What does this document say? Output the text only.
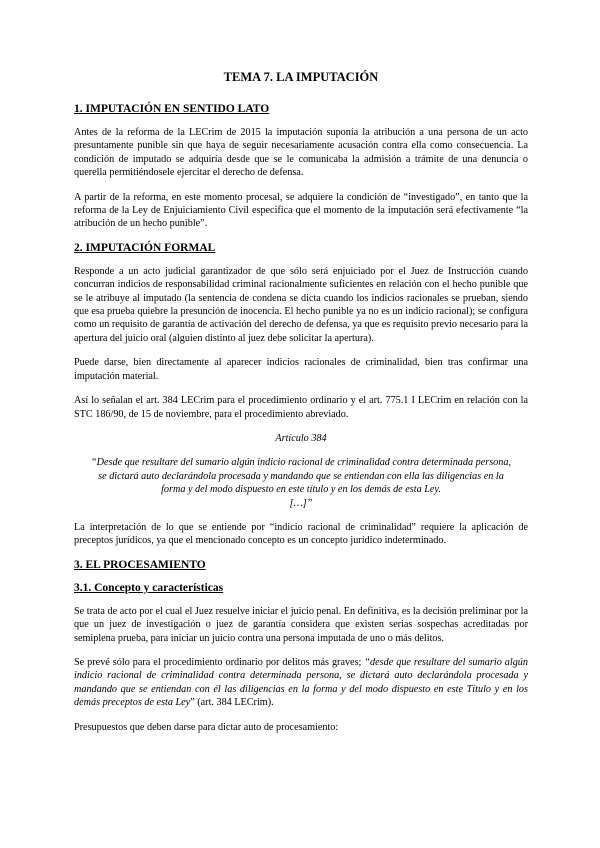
TEMA 7. LA IMPUTACIÓN
1. IMPUTACIÓN EN SENTIDO LATO

Antes de la reforma de la LECrim de 2015 la imputación suponía la atribución a una persona de un acto presuntamente punible sin que haya de seguir necesariamente acusación contra ella como consecuencia. La condición de imputado se adquiría desde que se le comunicaba la admisión a trámite de una denuncia o querella permitiéndosele ejercitar el derecho de defensa.

A partir de la reforma, en este momento procesal, se adquiere la condición de “investigado”, en tanto que la reforma de la Ley de Enjuiciamiento Civil especifica que el momento de la imputación será efectivamente “la atribución de un hecho punible”.

2. IMPUTACIÓN FORMAL

Responde a un acto judicial garantizador de que sólo será enjuiciado por el Juez de Instrucción cuando concurran indicios de responsabilidad criminal racionalmente suficientes en relación con el hecho punible que se le atribuye al imputado (la sentencia de condena se dicta cuando los indicios racionales se prueban, siendo que esa prueba quiebre la presunción de inocencia. El hecho punible ya no es un indicio racional); se configura como un requisito de garantía de activación del derecho de defensa, ya que es requisito previo necesario para la apertura del juicio oral (alguien distinto al juez debe solicitar la apertura).

Puede darse, bien directamente al aparecer indicios racionales de criminalidad, bien tras confirmar una imputación material.

Así lo señalan el art. 384 LECrim para el procedimiento ordinario y el art. 775.1 I LECrim en relación con la STC 186/90, de 15 de noviembre, para el procedimiento abreviado.

Artículo 384

“Desde que resultare del sumario algún indicio racional de criminalidad contra determinada persona, se dictará auto declarándola procesada y mandando que se entiendan con ella las diligencias en la forma y del modo dispuesto en este título y en los demás de esta Ley.
[…]”

La interpretación de lo que se entiende por “indicio racional de criminalidad” requiere la aplicación de preceptos jurídicos, ya que el mencionado concepto es un concepto jurídico indeterminado.

3. EL PROCESAMIENTO
3.1. Concepto y características

Se trata de acto por el cual el Juez resuelve iniciar el juicio penal. En definitiva, es la decisión preliminar por la que un juez de investigación o juez de garantía considera que existen serias sospechas acreditadas por semiplena prueba, para iniciar un juicio contra una persona imputada de uno o más delitos.

Se prevé sólo para el procedimiento ordinario por delitos más graves; “desde que resultare del sumario algún indicio racional de criminalidad contra determinada persona, se dictará auto declarándola procesada y mandando que se entiendan con él las diligencias en la forma y del modo dispuesto en este Título y en los demás preceptos de esta Ley” (art. 384 LECrim).

Presupuestos que deben darse para dictar auto de procesamiento:
